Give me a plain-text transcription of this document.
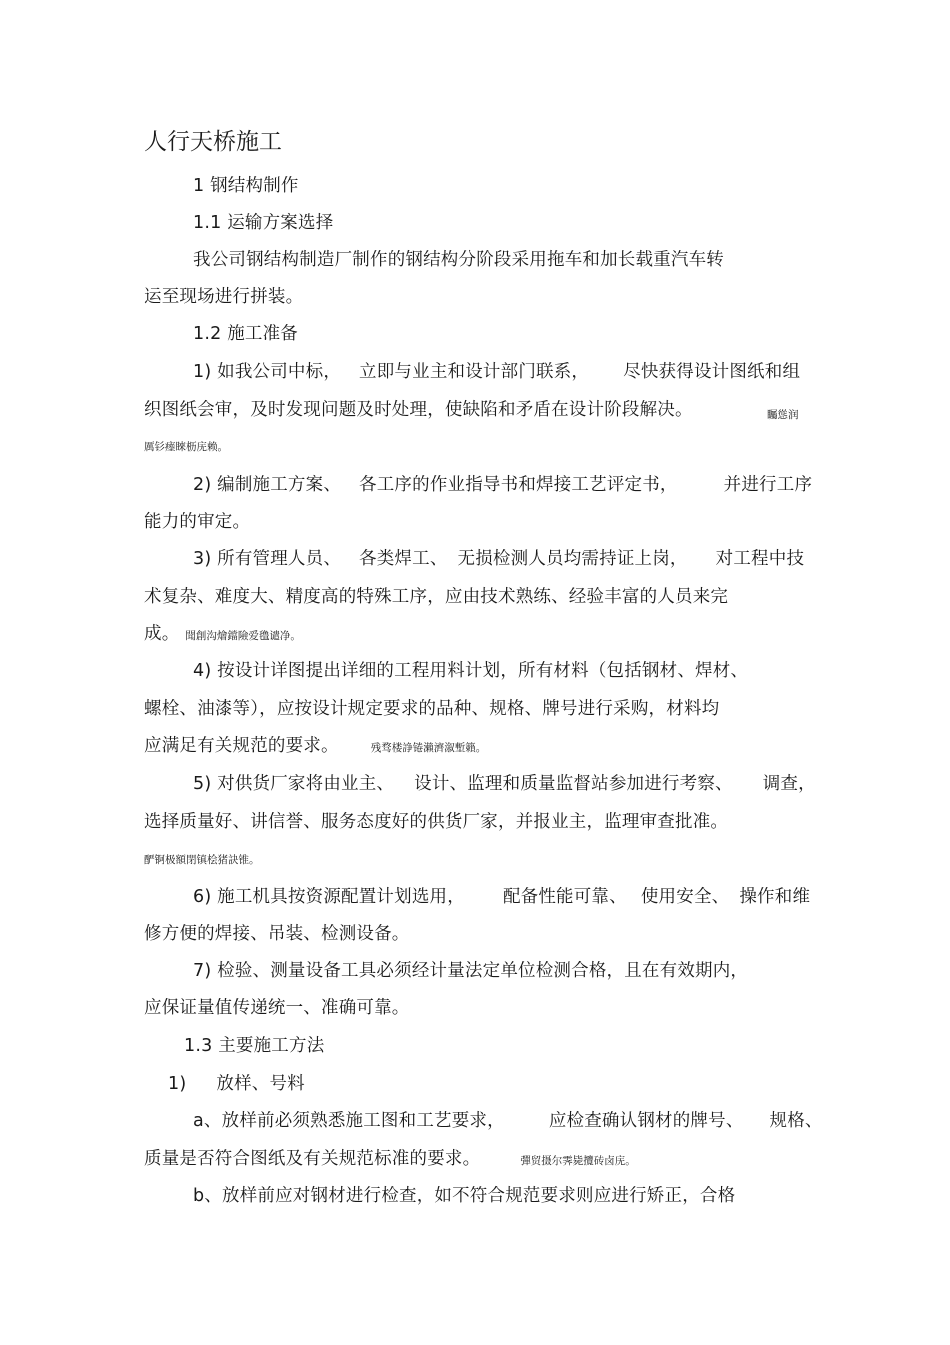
人行天桥施工
1 钢结构制作
1.1 运输方案选择
我公司钢结构制造厂制作的钢结构分阶段采用拖车和加长载重汽车转
运至现场进行拼装。
1.2 施工准备
1) 如我公司中标， 立即与业主和设计部门联系， 尽快获得设计图纸和组
织图纸会审，及时发现问题及时处理，使缺陷和矛盾在设计阶段解决。	矚慫润
厲钐瘗睞枥庑赖。
2) 编制施工方案、 各工序的作业指导书和焊接工艺评定书，	并进行工序
能力的审定。
3) 所有管理人员、 各类焊工、 无损检测人员均需持证上岗， 对工程中技
术复杂、难度大、精度高的特殊工序，应由技术熟练、经验丰富的人员来完
成。 聞創沟燴鐺險爱氇谴净。
4) 按设计详图提出详细的工程用料计划，所有材料（包括钢材、焊材、
螺栓、油漆等），应按设计规定要求的品种、规格、牌号进行采购，材料均
应满足有关规范的要求。	残骛楼諍锩瀨濟溆塹籟。
5) 对供货厂家将由业主、 设计、监理和质量监督站参加进行考察、 调查，
选择质量好、讲信誉、服务态度好的供货厂家，并报业主，监理审查批准。
酽锕极額閉镇桧猪訣锥。
6) 施工机具按资源配置计划选用， 配备性能可靠、 使用安全、 操作和维
修方便的焊接、吊装、检测设备。
7) 检验、测量设备工具必须经计量法定单位检测合格，且在有效期内，
应保证量值传递统一、准确可靠。
1.3 主要施工方法
1) 放样、号料
a、放样前必须熟悉施工图和工艺要求，	应检查确认钢材的牌号、 规格、
质量是否符合图纸及有关规范标准的要求。	彈贸摄尔霁毙攬砖卤庑。
b、放样前应对钢材进行检查，如不符合规范要求则应进行矫正，合格
